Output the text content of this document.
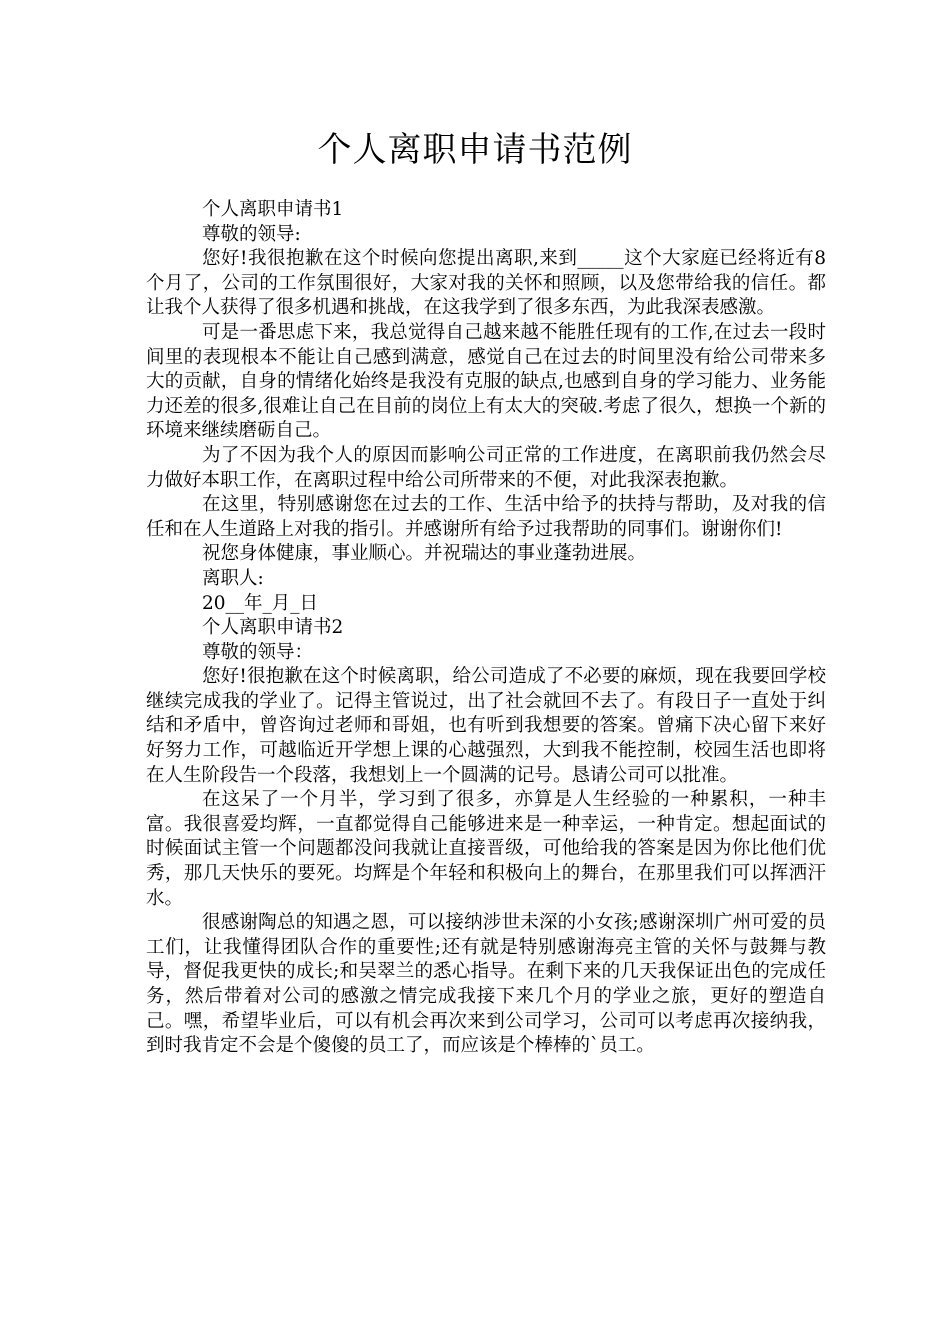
个人离职申请书范例

个人离职申请书1

尊敬的领导:

您好!我很抱歉在这个时候向您提出离职,来到_____这个大家庭已经将近有8个月了，公司的工作氛围很好，大家对我的关怀和照顾，以及您带给我的信任。都让我个人获得了很多机遇和挑战，在这我学到了很多东西，为此我深表感激。

可是一番思虑下来，我总觉得自己越来越不能胜任现有的工作,在过去一段时间里的表现根本不能让自己感到满意，感觉自己在过去的时间里没有给公司带来多大的贡献，自身的情绪化始终是我没有克服的缺点,也感到自身的学习能力、业务能力还差的很多,很难让自己在目前的岗位上有太大的突破.考虑了很久，想换一个新的环境来继续磨砺自己。

为了不因为我个人的原因而影响公司正常的工作进度，在离职前我仍然会尽力做好本职工作，在离职过程中给公司所带来的不便，对此我深表抱歉。

在这里，特别感谢您在过去的工作、生活中给予的扶持与帮助，及对我的信任和在人生道路上对我的指引。并感谢所有给予过我帮助的同事们。谢谢你们!

祝您身体健康，事业顺心。并祝瑞达的事业蓬勃进展。

离职人:

20__年_月_日

个人离职申请书2

尊敬的领导：

您好!很抱歉在这个时候离职，给公司造成了不必要的麻烦，现在我要回学校继续完成我的学业了。记得主管说过，出了社会就回不去了。有段日子一直处于纠结和矛盾中，曾咨询过老师和哥姐，也有听到我想要的答案。曾痛下决心留下来好好努力工作，可越临近开学想上课的心越强烈，大到我不能控制，校园生活也即将在人生阶段告一个段落，我想划上一个圆满的记号。恳请公司可以批准。

在这呆了一个月半，学习到了很多，亦算是人生经验的一种累积，一种丰富。我很喜爱均辉，一直都觉得自己能够进来是一种幸运，一种肯定。想起面试的时候面试主管一个问题都没问我就让直接晋级，可他给我的答案是因为你比他们优秀，那几天快乐的要死。均辉是个年轻和积极向上的舞台，在那里我们可以挥洒汗水。

很感谢陶总的知遇之恩，可以接纳涉世未深的小女孩;感谢深圳广州可爱的员工们，让我懂得团队合作的重要性;还有就是特别感谢海亮主管的关怀与鼓舞与教导，督促我更快的成长;和吴翠兰的悉心指导。在剩下来的几天我保证出色的完成任务，然后带着对公司的感激之情完成我接下来几个月的学业之旅，更好的塑造自己。嘿，希望毕业后，可以有机会再次来到公司学习，公司可以考虑再次接纳我，到时我肯定不会是个傻傻的员工了，而应该是个棒棒的`员工。
